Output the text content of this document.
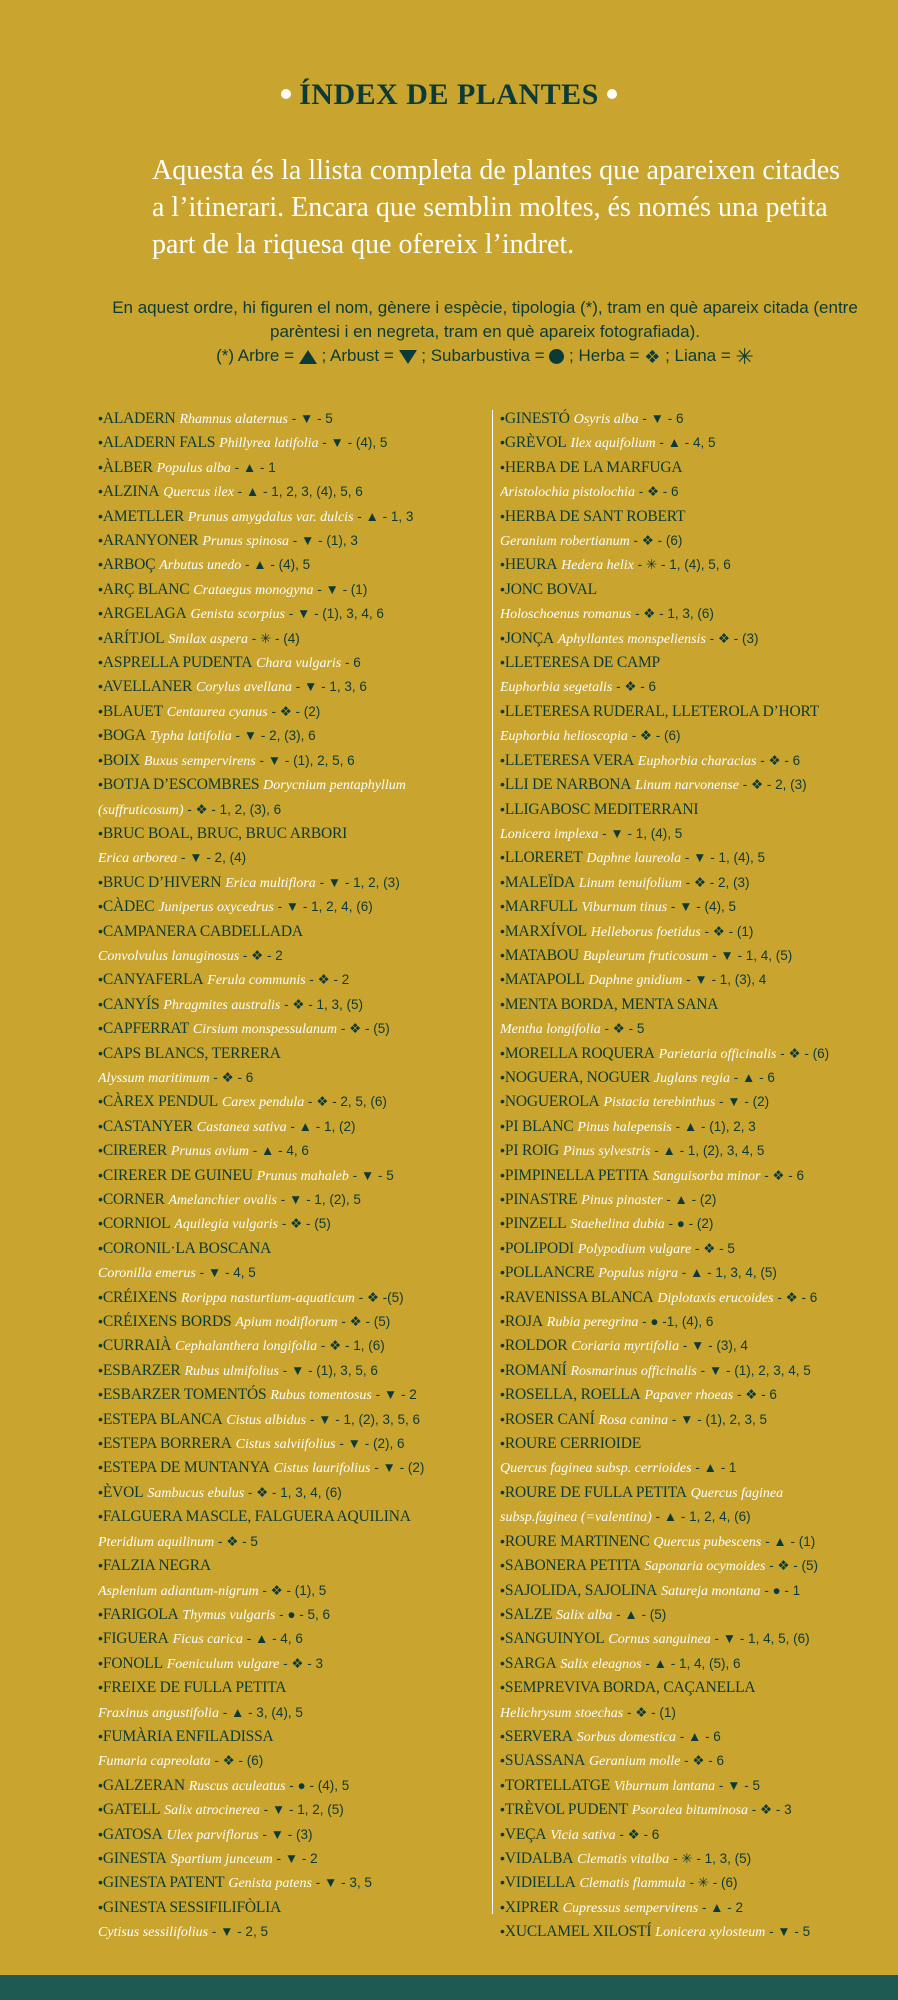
ÍNDEX DE PLANTES
Aquesta és la llista completa de plantes que apareixen citades a l’itinerari. Encara que semblin moltes, és només una petita part de la riquesa que ofereix l’indret.

En aquest ordre, hi figuren el nom, gènere i espècie, tipologia (*), tram en què apareix citada (entre parèntesi i en negreta, tram en què apareix fotografiada).

(*) Arbre = ; Arbust = ; Subarbustiva = ; Herba = ❖ ; Liana = ✳
•ALADERN Rhamnus alaternus - ▼ - 5
•ALADERN FALS Phillyrea latifolia - ▼ - (4), 5
•ÀLBER Populus alba - ▲ - 1
•ALZINA Quercus ilex - ▲ - 1, 2, 3, (4), 5, 6
•AMETLLER Prunus amygdalus var. dulcis - ▲ - 1, 3
•ARANYONER Prunus spinosa - ▼ - (1), 3
•ARBOÇ Arbutus unedo - ▲ - (4), 5
•ARÇ BLANC Crataegus monogyna - ▼ - (1)
•ARGELAGA Genista scorpius - ▼ - (1), 3, 4, 6
•ARÍTJOL Smilax aspera - ✳ - (4)
•ASPRELLA PUDENTA Chara vulgaris - 6
•AVELLANER Corylus avellana - ▼ - 1, 3, 6
•BLAUET Centaurea cyanus - ❖ - (2)
•BOGA Typha latifolia - ▼ - 2, (3), 6
•BOIX Buxus sempervirens - ▼ - (1), 2, 5, 6
•BOTJA D’ESCOMBRES Dorycnium pentaphyllum
(suffruticosum) - ❖ - 1, 2, (3), 6
•BRUC BOAL, BRUC, BRUC ARBORI
Erica arborea - ▼ - 2, (4)
•BRUC D’HIVERN Erica multiflora - ▼ - 1, 2, (3)
•CÀDEC Juniperus oxycedrus - ▼ - 1, 2, 4, (6)
•CAMPANERA CABDELLADA
Convolvulus lanuginosus - ❖ - 2
•CANYAFERLA Ferula communis - ❖ - 2
•CANYÍS Phragmites australis - ❖ - 1, 3, (5)
•CAPFERRAT Cirsium monspessulanum - ❖ - (5)
•CAPS BLANCS, TERRERA
Alyssum maritimum - ❖ - 6
•CÀREX PENDUL Carex pendula - ❖ - 2, 5, (6)
•CASTANYER Castanea sativa - ▲ - 1, (2)
•CIRERER Prunus avium - ▲ - 4, 6
•CIRERER DE GUINEU Prunus mahaleb - ▼ - 5
•CORNER Amelanchier ovalis - ▼ - 1, (2), 5
•CORNIOL Aquilegia vulgaris - ❖ - (5)
•CORONIL·LA BOSCANA
Coronilla emerus - ▼ - 4, 5
•CRÉIXENS Rorippa nasturtium-aquaticum - ❖ -(5)
•CRÉIXENS BORDS Apium nodiflorum - ❖ - (5)
•CURRAIÀ Cephalanthera longifolia - ❖ - 1, (6)
•ESBARZER Rubus ulmifolius - ▼ - (1), 3, 5, 6
•ESBARZER TOMENTÓS Rubus tomentosus - ▼ - 2
•ESTEPA BLANCA Cistus albidus - ▼ - 1, (2), 3, 5, 6
•ESTEPA BORRERA Cistus salviifolius - ▼ - (2), 6
•ESTEPA DE MUNTANYA Cistus laurifolius - ▼ - (2)
•ÈVOL Sambucus ebulus - ❖ - 1, 3, 4, (6)
•FALGUERA MASCLE, FALGUERA AQUILINA
Pteridium aquilinum - ❖ - 5
•FALZIA NEGRA
Asplenium adiantum-nigrum - ❖ - (1), 5
•FARIGOLA Thymus vulgaris - ● - 5, 6
•FIGUERA Ficus carica - ▲ - 4, 6
•FONOLL Foeniculum vulgare - ❖ - 3
•FREIXE DE FULLA PETITA
Fraxinus angustifolia - ▲ - 3, (4), 5
•FUMÀRIA ENFILADISSA
Fumaria capreolata - ❖ - (6)
•GALZERAN Ruscus aculeatus - ● - (4), 5
•GATELL Salix atrocinerea - ▼ - 1, 2, (5)
•GATOSA Ulex parviflorus - ▼ - (3)
•GINESTA Spartium junceum - ▼ - 2
•GINESTA PATENT Genista patens - ▼ - 3, 5
•GINESTA SESSIFILIFÒLIA
Cytisus sessilifolius - ▼ - 2, 5
•GINESTÓ Osyris alba - ▼ - 6
•GRÈVOL Ilex aquifolium - ▲ - 4, 5
•HERBA DE LA MARFUGA
Aristolochia pistolochia - ❖ - 6
•HERBA DE SANT ROBERT
Geranium robertianum - ❖ - (6)
•HEURA Hedera helix - ✳ - 1, (4), 5, 6
•JONC BOVAL
Holoschoenus romanus - ❖ - 1, 3, (6)
•JONÇA Aphyllantes monspeliensis - ❖ - (3)
•LLETERESA DE CAMP
Euphorbia segetalis - ❖ - 6
•LLETERESA RUDERAL, LLETEROLA D’HORT
Euphorbia helioscopia - ❖ - (6)
•LLETERESA VERA Euphorbia characias - ❖ - 6
•LLI DE NARBONA Linum narvonense - ❖ - 2, (3)
•LLIGABOSC MEDITERRANI
Lonicera implexa - ▼ - 1, (4), 5
•LLORERET Daphne laureola - ▼ - 1, (4), 5
•MALEÏDA Linum tenuifolium - ❖ - 2, (3)
•MARFULL Viburnum tinus - ▼ - (4), 5
•MARXÍVOL Helleborus foetidus - ❖ - (1)
•MATABOU Bupleurum fruticosum - ▼ - 1, 4, (5)
•MATAPOLL Daphne gnidium - ▼ - 1, (3), 4
•MENTA BORDA, MENTA SANA
Mentha longifolia - ❖ - 5
•MORELLA ROQUERA Parietaria officinalis - ❖ - (6)
•NOGUERA, NOGUER Juglans regia - ▲ - 6
•NOGUEROLA Pistacia terebinthus - ▼ - (2)
•PI BLANC Pinus halepensis - ▲ - (1), 2, 3
•PI ROIG Pinus sylvestris - ▲ - 1, (2), 3, 4, 5
•PIMPINELLA PETITA Sanguisorba minor - ❖ - 6
•PINASTRE Pinus pinaster - ▲ - (2)
•PINZELL Staehelina dubia - ● - (2)
•POLIPODI Polypodium vulgare - ❖ - 5
•POLLANCRE Populus nigra - ▲ - 1, 3, 4, (5)
•RAVENISSA BLANCA Diplotaxis erucoides - ❖ - 6
•ROJA Rubia peregrina - ● -1, (4), 6
•ROLDOR Coriaria myrtifolia - ▼ - (3), 4
•ROMANÍ Rosmarinus officinalis - ▼ - (1), 2, 3, 4, 5
•ROSELLA, ROELLA Papaver rhoeas - ❖ - 6
•ROSER CANÍ Rosa canina - ▼ - (1), 2, 3, 5
•ROURE CERRIOIDE
Quercus faginea subsp. cerrioides - ▲ - 1
•ROURE DE FULLA PETITA Quercus faginea
subsp.faginea (=valentina) - ▲ - 1, 2, 4, (6)
•ROURE MARTINENC Quercus pubescens - ▲ - (1)
•SABONERA PETITA Saponaria ocymoides - ❖ - (5)
•SAJOLIDA, SAJOLINA Satureja montana - ● - 1
•SALZE Salix alba - ▲ - (5)
•SANGUINYOL Cornus sanguinea - ▼ - 1, 4, 5, (6)
•SARGA Salix eleagnos - ▲ - 1, 4, (5), 6
•SEMPREVIVA BORDA, CAÇANELLA
Helichrysum stoechas - ❖ - (1)
•SERVERA Sorbus domestica - ▲ - 6
•SUASSANA Geranium molle - ❖ - 6
•TORTELLATGE Viburnum lantana - ▼ - 5
•TRÈVOL PUDENT Psoralea bituminosa - ❖ - 3
•VEÇA Vicia sativa - ❖ - 6
•VIDALBA Clematis vitalba - ✳ - 1, 3, (5)
•VIDIELLA Clematis flammula - ✳ - (6)
•XIPRER Cupressus sempervirens - ▲ - 2
•XUCLAMEL XILOSTÍ Lonicera xylosteum - ▼ - 5
